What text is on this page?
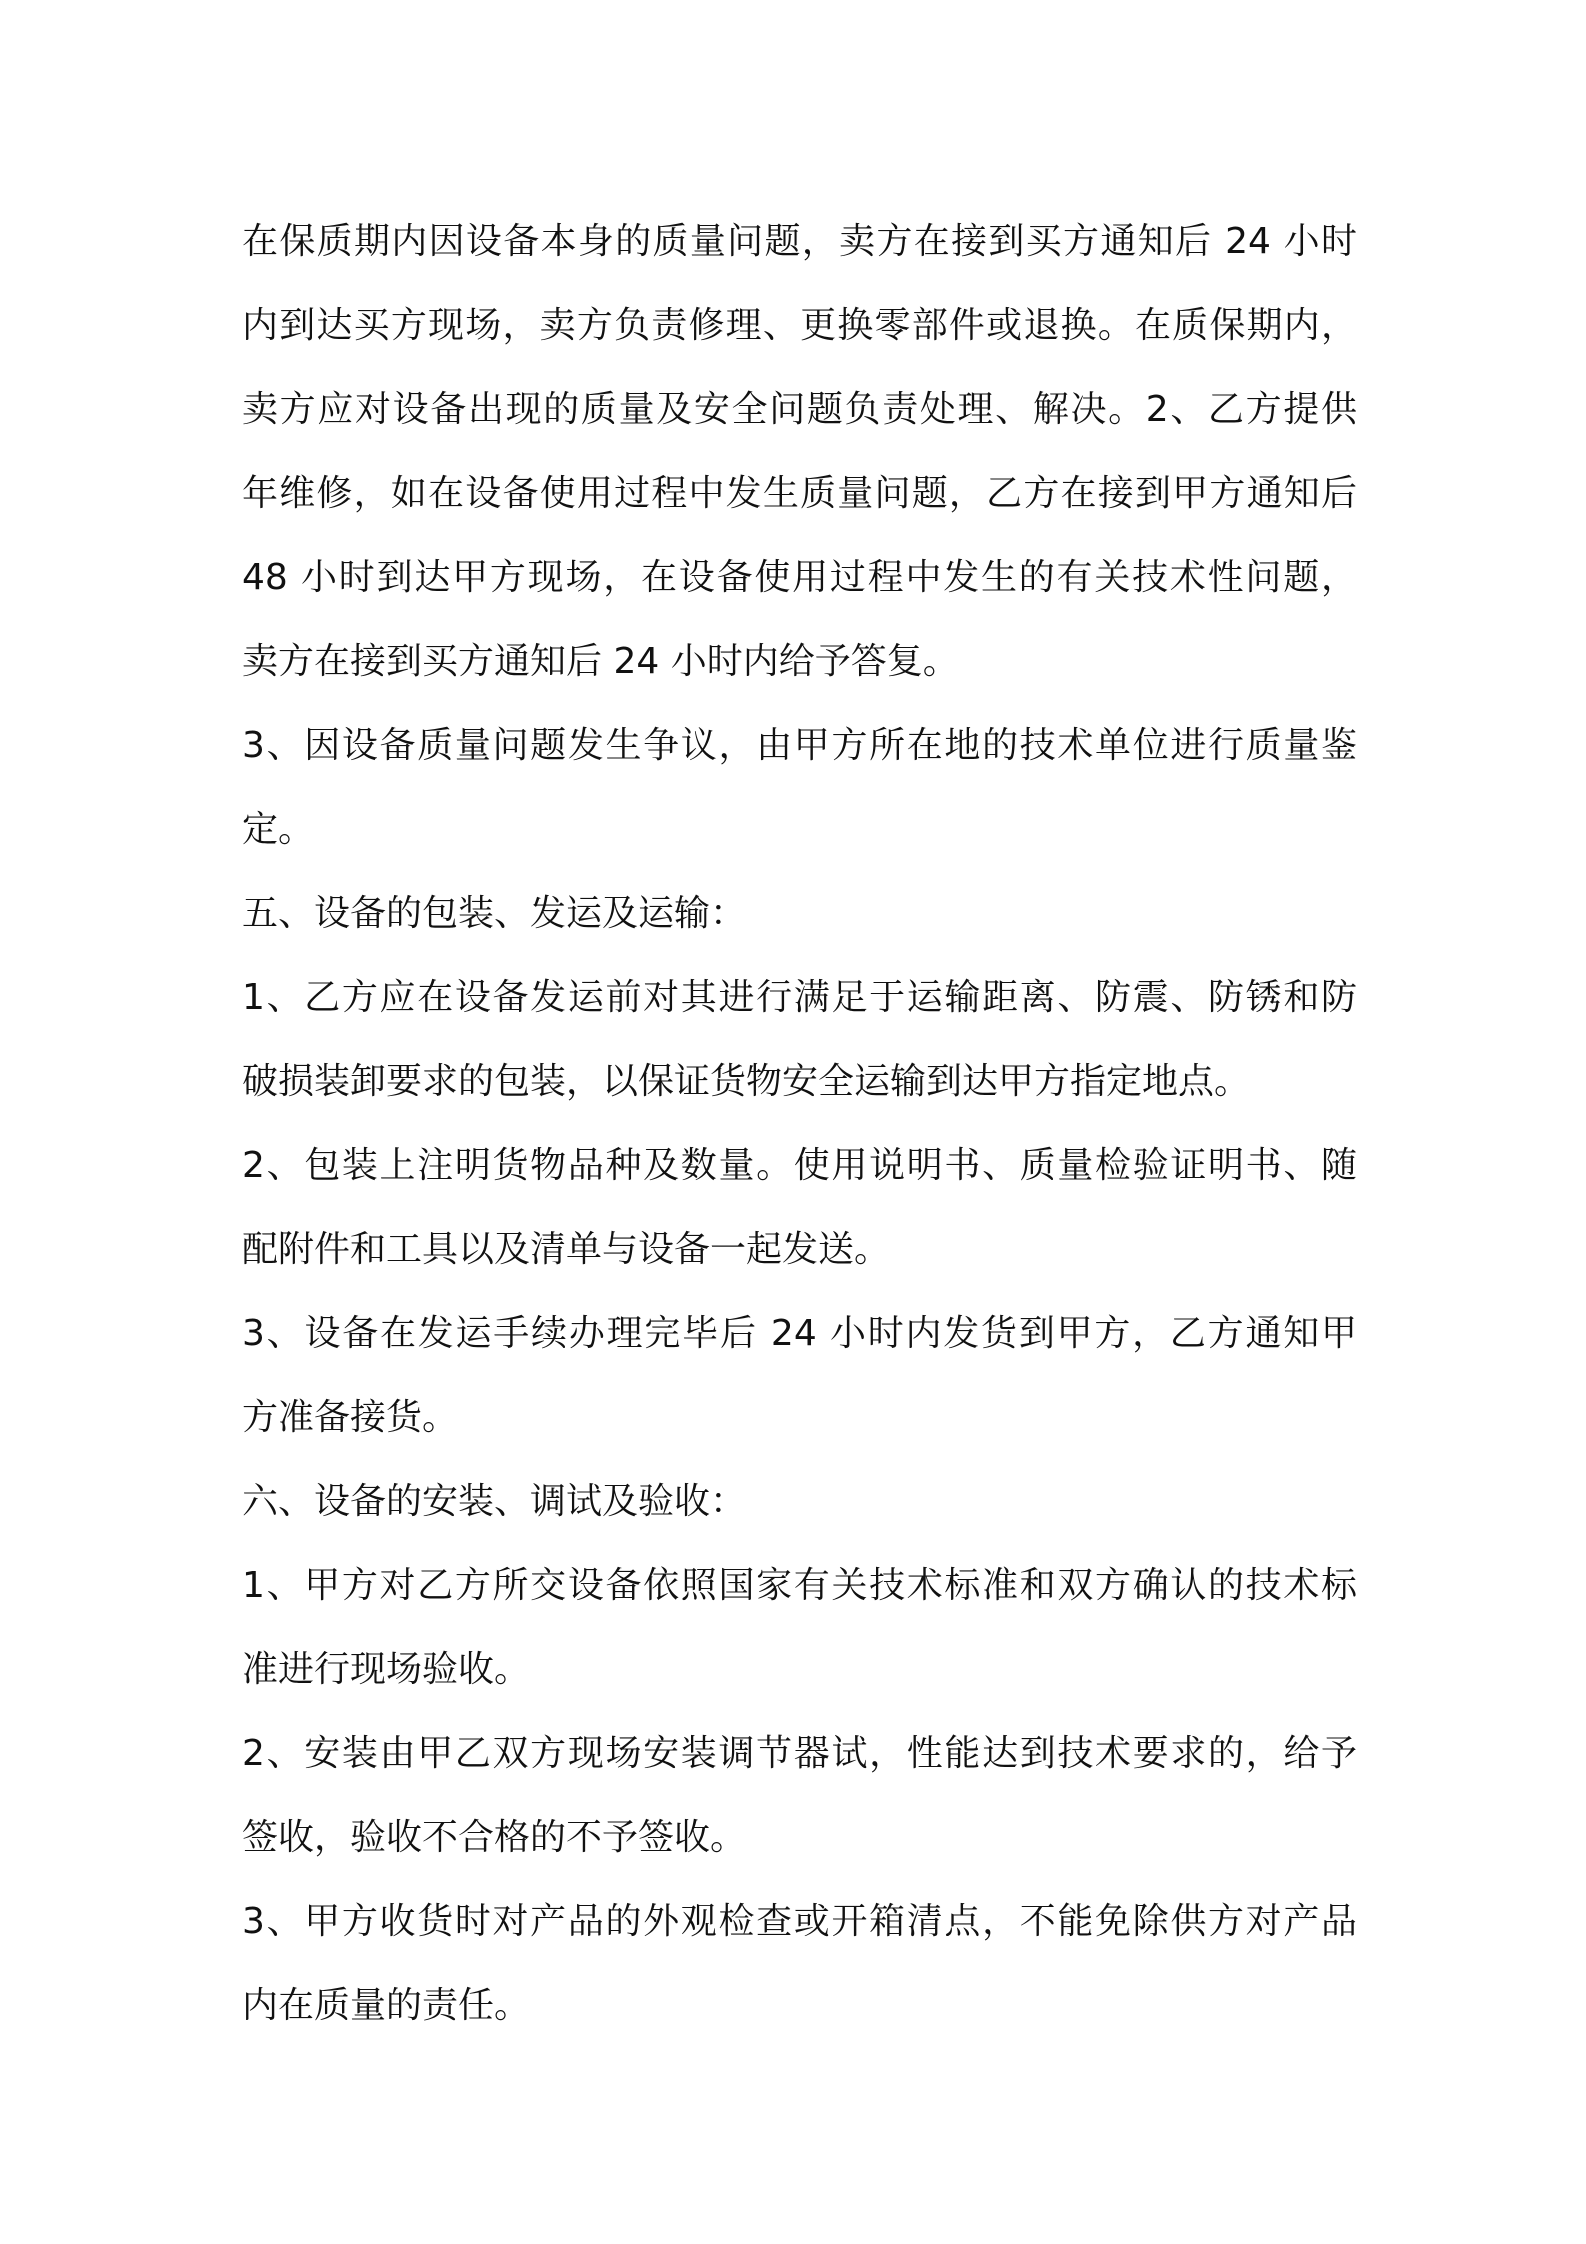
在保质期内因设备本身的质量问题，卖方在接到买方通知后 24 小时
内到达买方现场，卖方负责修理、更换零部件或退换。在质保期内，
卖方应对设备出现的质量及安全问题负责处理、解决。2、乙方提供
年维修，如在设备使用过程中发生质量问题，乙方在接到甲方通知后
48 小时到达甲方现场，在设备使用过程中发生的有关技术性问题，
卖方在接到买方通知后 24 小时内给予答复。
3、因设备质量问题发生争议，由甲方所在地的技术单位进行质量鉴
定。
五、设备的包装、发运及运输：
1、乙方应在设备发运前对其进行满足于运输距离、防震、防锈和防
破损装卸要求的包装，以保证货物安全运输到达甲方指定地点。
2、包装上注明货物品种及数量。使用说明书、质量检验证明书、随
配附件和工具以及清单与设备一起发送。
3、设备在发运手续办理完毕后 24 小时内发货到甲方，乙方通知甲
方准备接货。
六、设备的安装、调试及验收：
1、甲方对乙方所交设备依照国家有关技术标准和双方确认的技术标
准进行现场验收。
2、安装由甲乙双方现场安装调节器试，性能达到技术要求的，给予
签收，验收不合格的不予签收。
3、甲方收货时对产品的外观检查或开箱清点，不能免除供方对产品
内在质量的责任。
